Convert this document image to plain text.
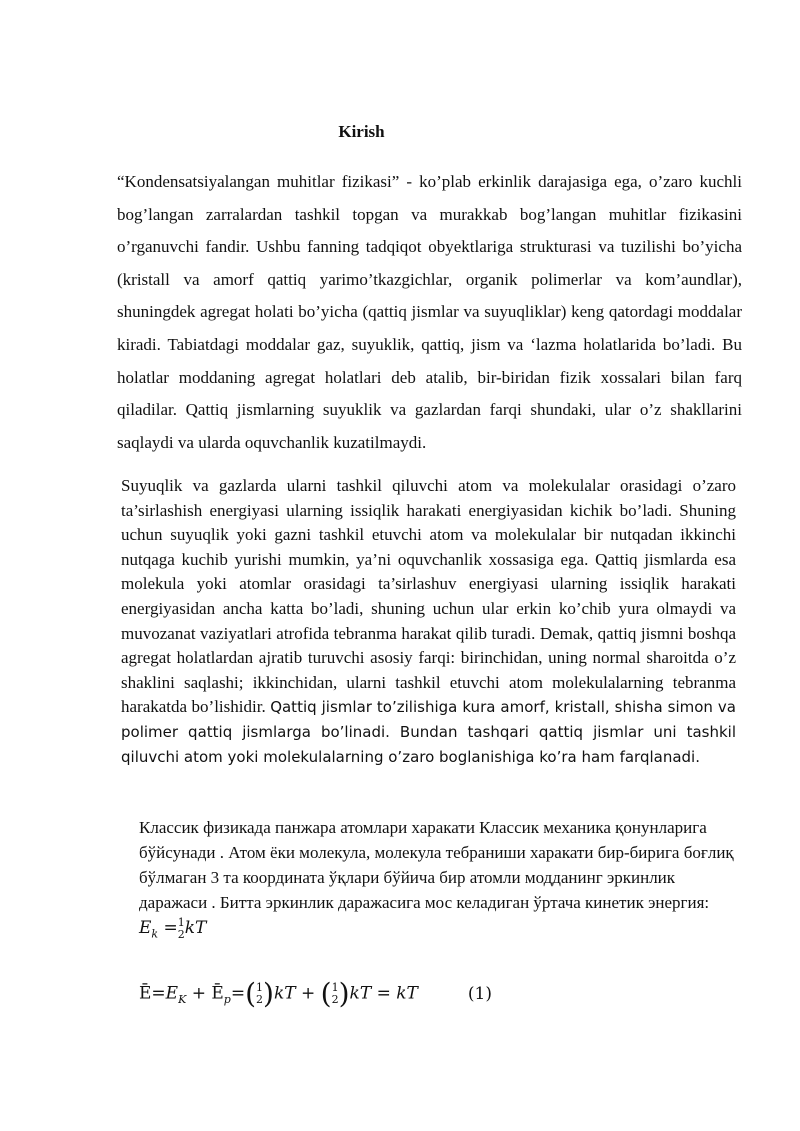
Kirish

“Kondensatsiyalangan muhitlar fizikasi” - ko’plab erkinlik darajasiga ega, o’zaro kuchli bog’langan zarralardan tashkil topgan va murakkab bog’langan muhitlar fizikasini o’rganuvchi fandir. Ushbu fanning tadqiqot obyektlariga strukturasi va tuzilishi bo’yicha (kristall va amorf qattiq yarimo’tkazgichlar, organik polimerlar va kom’aundlar), shuningdek agregat holati bo’yicha (qattiq jismlar va suyuqliklar) keng qatordagi moddalar kiradi. Tabiatdagi moddalar gaz, suyuklik, qattiq, jism va ‘lazma holatlarida bo’ladi. Bu holatlar moddaning agregat holatlari deb atalib, bir-biridan fizik xossalari bilan farq qiladilar. Qattiq jismlarning suyuklik va gazlardan farqi shundaki, ular o’z shakllarini saqlaydi va ularda oquvchanlik kuzatilmaydi.

Suyuqlik va gazlarda ularni tashkil qiluvchi atom va molekulalar orasidagi o’zaro ta’sirlashish energiyasi ularning issiqlik harakati energiyasidan kichik bo’ladi. Shuning uchun suyuqlik yoki gazni tashkil etuvchi atom va molekulalar bir nutqadan ikkinchi nutqaga kuchib yurishi mumkin, ya’ni oquvchanlik xossasiga ega. Qattiq jismlarda esa molekula yoki atomlar orasidagi ta’sirlashuv energiyasi ularning issiqlik harakati energiyasidan ancha katta bo’ladi, shuning uchun ular erkin ko’chib yura olmaydi va muvozanat vaziyatlari atrofida tebranma harakat qilib turadi. Demak, qattiq jismni boshqa agregat holatlardan ajratib turuvchi asosiy farqi: birinchidan, uning normal sharoitda o’z shaklini saqlashi; ikkinchidan, ularni tashkil etuvchi atom molekulalarning tebranma harakatda bo’lishidir. Qattiq jismlar to’zilishiga kura amorf, kristall, shisha simon va polimer qattiq jismlarga bo’linadi. Bundan tashqari qattiq jismlar uni tashkil qiluvchi atom yoki molekulalarning o’zaro boglanishiga ko’ra ham farqlanadi.

Классик физикада панжара атомлари харакати Классик механика қонунларига бўйсунади . Атом ёки молекула, молекула тебраниши харакати бир-бирига боғлиқ бўлмаган 3 та координата ўқлари бўйича бир атомли модданинг эркинлик даражаси . Битта эркинлик даражасига мос келадиган ўртача кинетик энергия: $E_k = 1$
2 kT

$Ē=E_K$ + $Ē_p=$( 1
2 )kT + ( 1
2 )kT = kT	(1)
